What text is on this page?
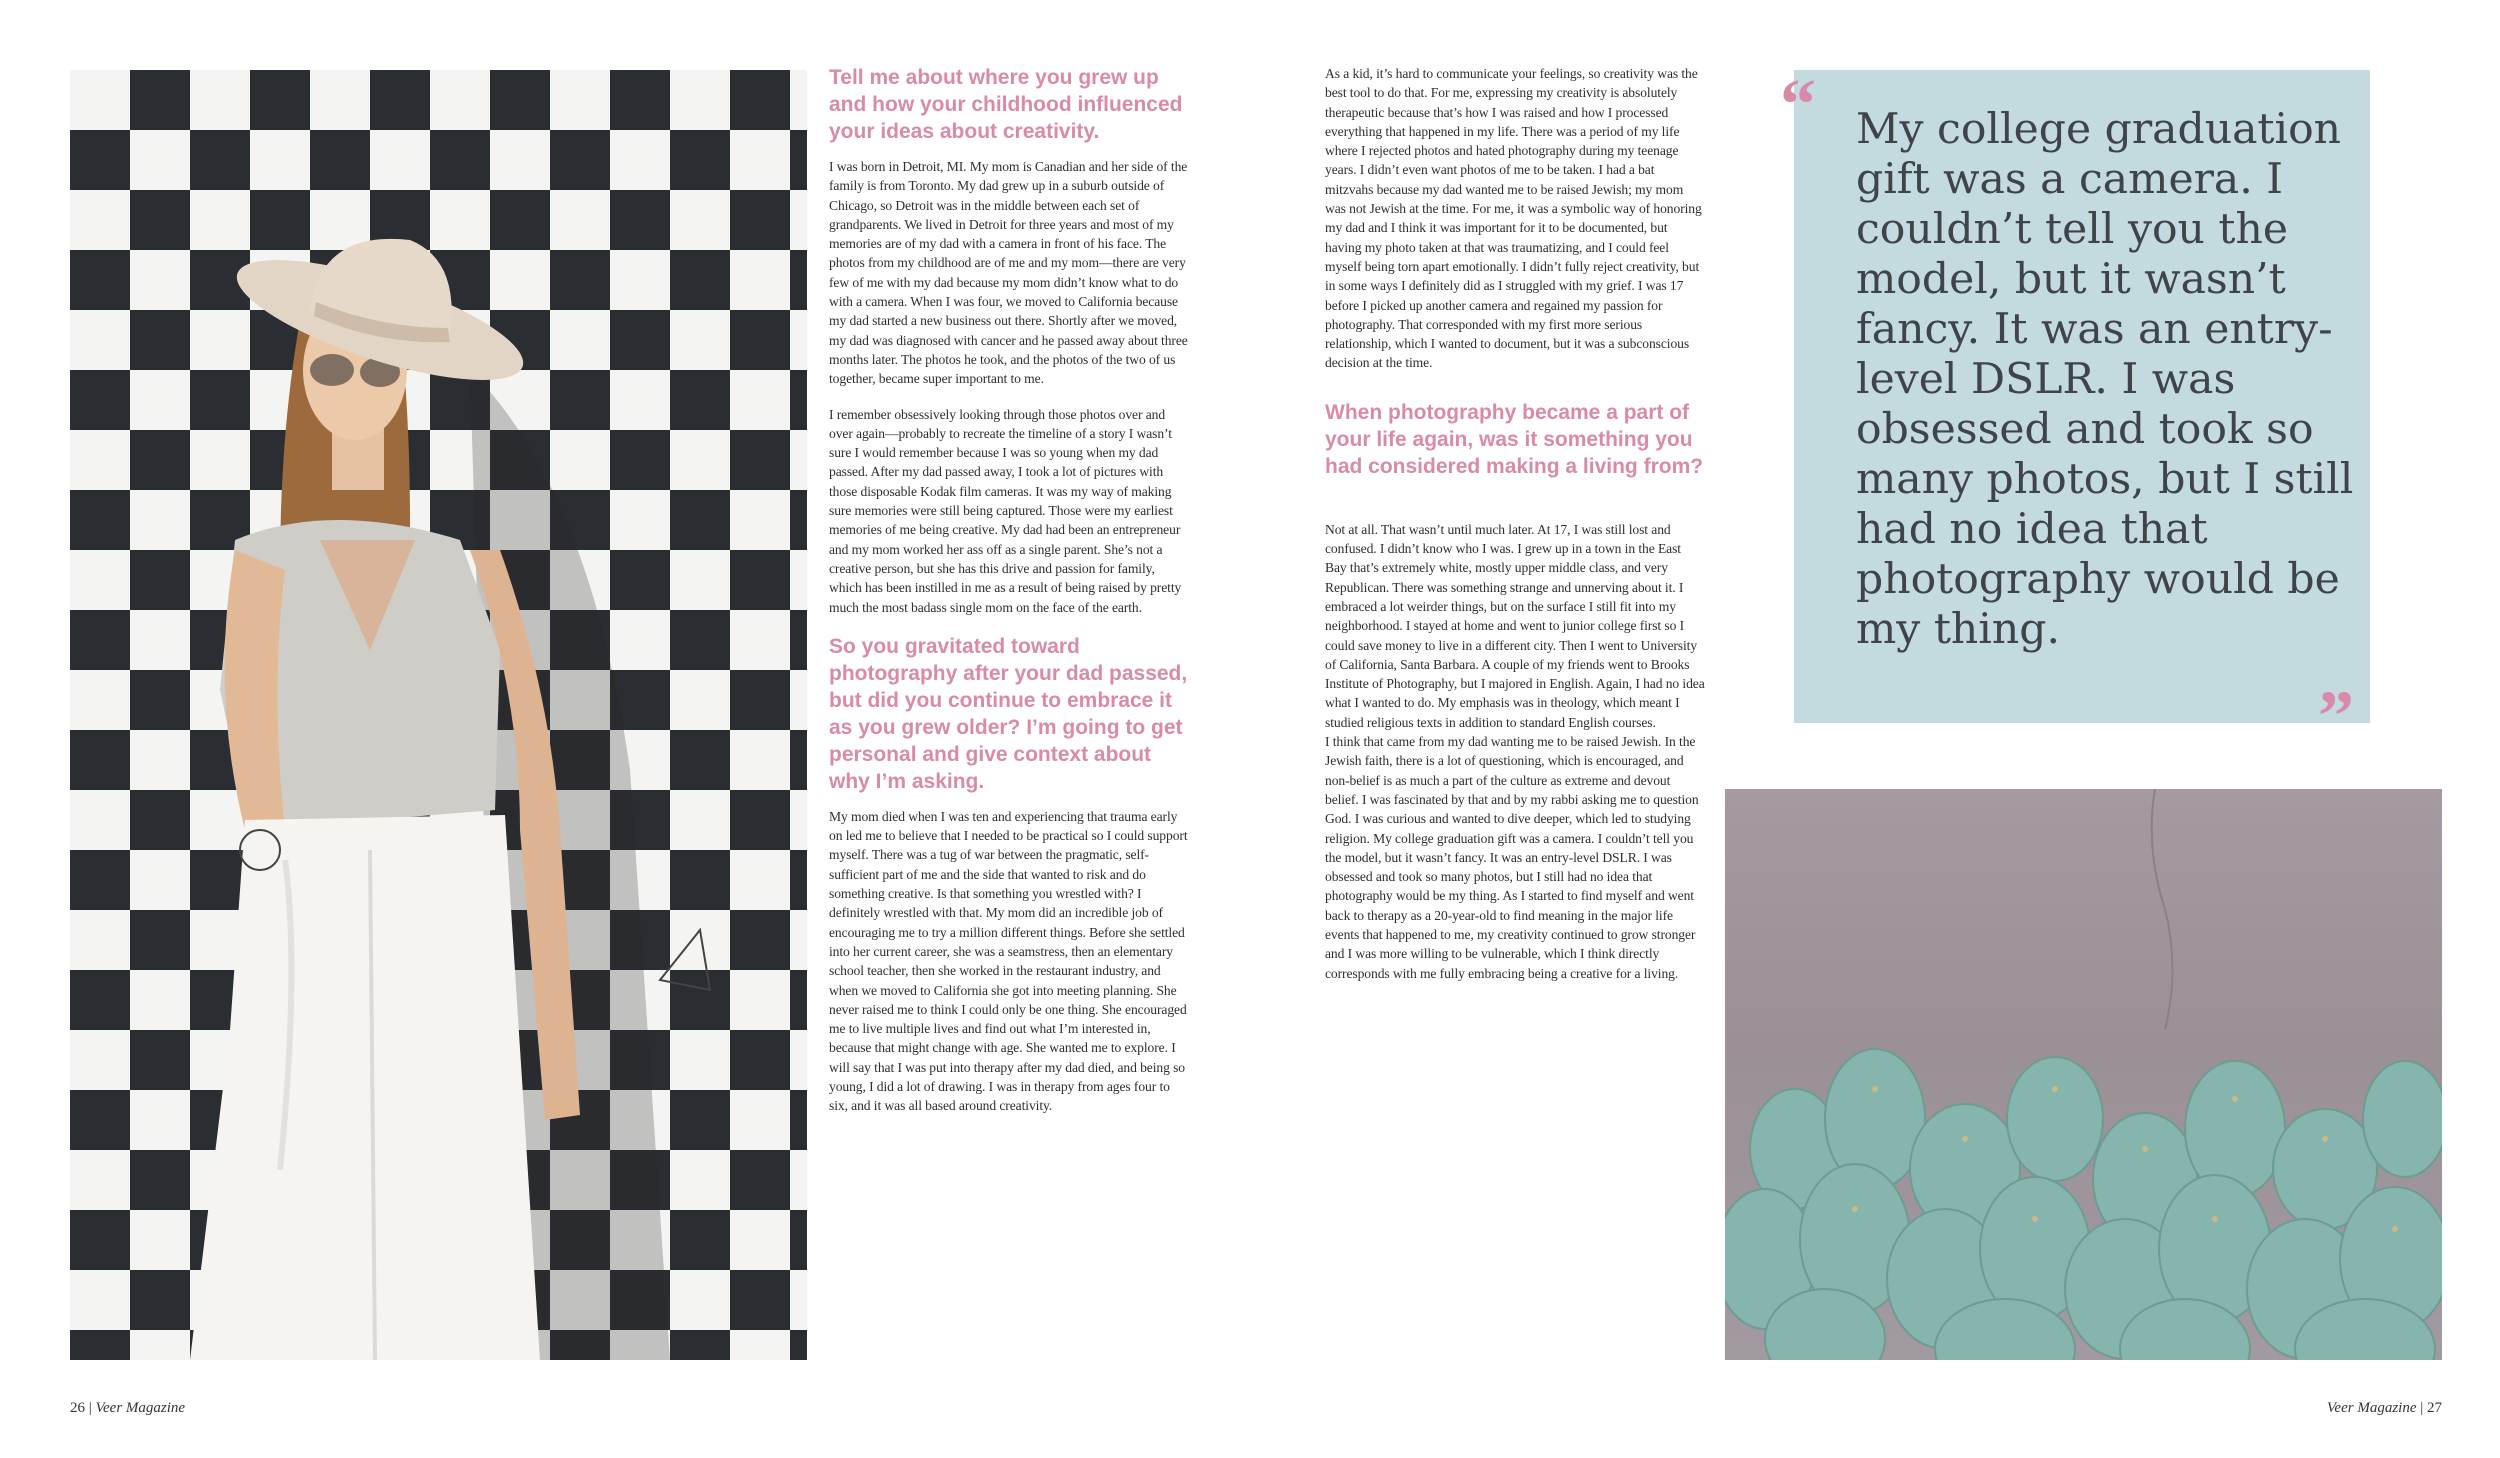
Tell me about where you grew up and how your childhood influenced your ideas about creativity.

I was born in Detroit, MI. My mom is Canadian and her side of the family is from Toronto. My dad grew up in a suburb outside of Chicago, so Detroit was in the middle between each set of grandparents. We lived in Detroit for three years and most of my memories are of my dad with a camera in front of his face. The photos from my childhood are of me and my mom—there are very few of me with my dad because my mom didn’t know what to do with a camera. When I was four, we moved to California because my dad started a new business out there. Shortly after we moved, my dad was diagnosed with cancer and he passed away about three months later. The photos he took, and the photos of the two of us together, became super important to me.

I remember obsessively looking through those photos over and over again—probably to recreate the timeline of a story I wasn’t sure I would remember because I was so young when my dad passed. After my dad passed away, I took a lot of pictures with those disposable Kodak film cameras. It was my way of making sure memories were still being captured. Those were my earliest memories of me being creative. My dad had been an entrepreneur and my mom worked her ass off as a single parent. She’s not a creative person, but she has this drive and passion for family, which has been instilled in me as a result of being raised by pretty much the most badass single mom on the face of the earth.

So you gravitated toward photography after your dad passed, but did you continue to embrace it as you grew older? I’m going to get personal and give context about why I’m asking.

My mom died when I was ten and experiencing that trauma early on led me to believe that I needed to be practical so I could support myself. There was a tug of war between the pragmatic, self-sufficient part of me and the side that wanted to risk and do something creative. Is that something you wrestled with? I definitely wrestled with that. My mom did an incredible job of encouraging me to try a million different things. Before she settled into her current career, she was a seamstress, then an elementary school teacher, then she worked in the restaurant industry, and when we moved to California she got into meeting planning. She never raised me to think I could only be one thing. She encouraged me to live multiple lives and find out what I’m interested in, because that might change with age. She wanted me to explore. I will say that I was put into therapy after my dad died, and being so young, I did a lot of drawing. I was in therapy from ages four to six, and it was all based around creativity.

As a kid, it’s hard to communicate your feelings, so creativity was the best tool to do that. For me, expressing my creativity is absolutely therapeutic because that’s how I was raised and how I processed everything that happened in my life. There was a period of my life where I rejected photos and hated photography during my teenage years. I didn’t even want photos of me to be taken. I had a bat mitzvahs because my dad wanted me to be raised Jewish; my mom was not Jewish at the time. For me, it was a symbolic way of honoring my dad and I think it was important for it to be documented, but having my photo taken at that was traumatizing, and I could feel myself being torn apart emotionally. I didn’t fully reject creativity, but in some ways I definitely did as I struggled with my grief. I was 17 before I picked up another camera and regained my passion for photography. That corresponded with my first more serious relationship, which I wanted to document, but it was a subconscious decision at the time.

When photography became a part of your life again, was it something you had considered making a living from?

Not at all. That wasn’t until much later. At 17, I was still lost and confused. I didn’t know who I was. I grew up in a town in the East Bay that’s extremely white, mostly upper middle class, and very Republican. There was something strange and unnerving about it. I embraced a lot weirder things, but on the surface I still fit into my neighborhood. I stayed at home and went to junior college first so I could save money to live in a different city. Then I went to University of California, Santa Barbara. A couple of my friends went to Brooks Institute of Photography, but I majored in English. Again, I had no idea what I wanted to do. My emphasis was in theology, which meant I studied religious texts in addition to standard English courses.

I think that came from my dad wanting me to be raised Jewish. In the Jewish faith, there is a lot of questioning, which is encouraged, and non-belief is as much a part of the culture as extreme and devout belief. I was fascinated by that and by my rabbi asking me to question God. I was curious and wanted to dive deeper, which led to studying religion. My college graduation gift was a camera. I couldn’t tell you the model, but it wasn’t fancy. It was an entry-level DSLR. I was obsessed and took so many photos, but I still had no idea that photography would be my thing. As I started to find myself and went back to therapy as a 20-year-old to find meaning in the major life events that happened to me, my creativity continued to grow stronger and I was more willing to be vulnerable, which I think directly corresponds with me fully embracing being a creative for a living.

“ My college graduation gift was a camera. I couldn’t tell you the model, but it wasn’t fancy. It was an entry-level DSLR. I was obsessed and took so many photos, but I still had no idea that photography would be my thing.
”
26 | Veer Magazine	Veer Magazine | 27
